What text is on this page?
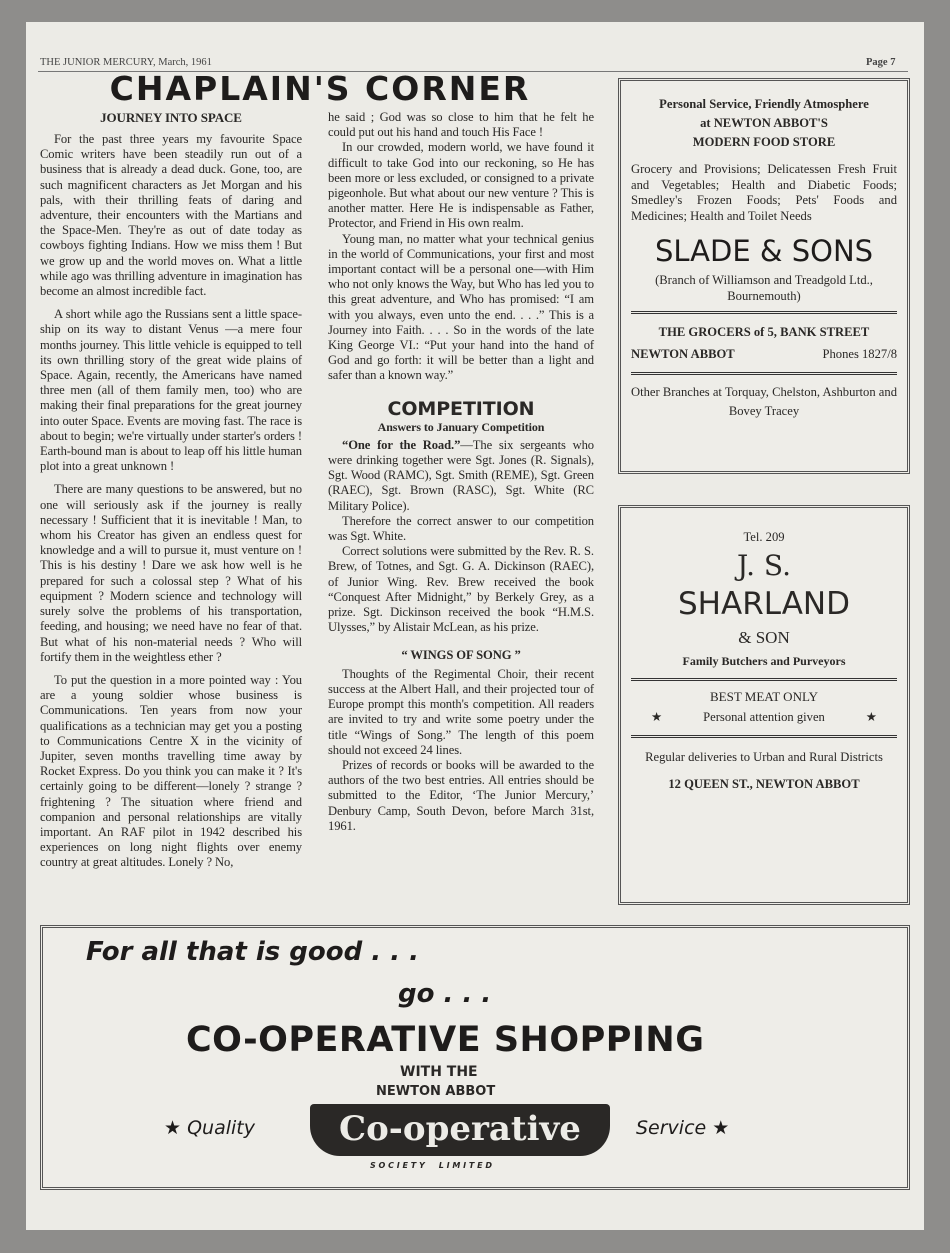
THE JUNIOR MERCURY, March, 1961	Page 7
CHAPLAIN'S CORNER
JOURNEY INTO SPACE

For the past three years my favourite Space Comic writers have been steadily run out of a business that is already a dead duck. Gone, too, are such magnificent characters as Jet Morgan and his pals, with their thrilling feats of daring and adventure, their encounters with the Martians and the Space-Men. They're as out of date today as cowboys fighting Indians. How we miss them ! But we grow up and the world moves on. What a little while ago was thrilling adventure in imagination has become an almost incredible fact.

A short while ago the Russians sent a little space-ship on its way to distant Venus —a mere four months journey. This little vehicle is equipped to tell its own thrilling story of the great wide plains of Space. Again, recently, the Americans have named three men (all of them family men, too) who are making their final preparations for the great journey into outer Space. Events are moving fast. The race is about to begin; we're virtually under starter's orders ! Earth-bound man is about to leap off his little human plot into a great unknown !

There are many questions to be answered, but no one will seriously ask if the journey is really necessary ! Sufficient that it is inevitable ! Man, to whom his Creator has given an endless quest for knowledge and a will to pursue it, must venture on ! This is his destiny ! Dare we ask how well is he prepared for such a colossal step ? What of his equipment ? Modern science and technology will surely solve the problems of his transportation, feeding, and housing; we need have no fear of that. But what of his non-material needs ? Who will fortify them in the weightless ether ?

To put the question in a more pointed way : You are a young soldier whose business is Communications. Ten years from now your qualifications as a technician may get you a posting to Communications Centre X in the vicinity of Jupiter, seven months travelling time away by Rocket Express. Do you think you can make it ? It's certainly going to be different—lonely ? strange ? frightening ? The situation where friend and companion and personal relationships are vitally important. An RAF pilot in 1942 described his experiences on long night flights over enemy country at great altitudes. Lonely ? No,

he said ; God was so close to him that he felt he could put out his hand and touch His Face !

In our crowded, modern world, we have found it difficult to take God into our reckoning, so He has been more or less excluded, or consigned to a private pigeonhole. But what about our new venture ? This is another matter. Here He is indispensable as Father, Protector, and Friend in His own realm.

Young man, no matter what your technical genius in the world of Communications, your first and most important contact will be a personal one—with Him who not only knows the Way, but Who has led you to this great adventure, and Who has promised: “I am with you always, even unto the end. . . .” This is a Journey into Faith. . . . So in the words of the late King George VI.: “Put your hand into the hand of God and go forth: it will be better than a light and safer than a known way.”

COMPETITION
Answers to January Competition

“One for the Road.”—The six sergeants who were drinking together were Sgt. Jones (R. Signals), Sgt. Wood (RAMC), Sgt. Smith (REME), Sgt. Green (RAEC), Sgt. Brown (RASC), Sgt. White (RC Military Police).

Therefore the correct answer to our competition was Sgt. White.

Correct solutions were submitted by the Rev. R. S. Brew, of Totnes, and Sgt. G. A. Dickinson (RAEC), of Junior Wing. Rev. Brew received the book “Conquest After Midnight,” by Berkely Grey, as a prize. Sgt. Dickinson received the book “H.M.S. Ulysses,” by Alistair McLean, as his prize.

“ WINGS OF SONG ”

Thoughts of the Regimental Choir, their recent success at the Albert Hall, and their projected tour of Europe prompt this month's competition. All readers are invited to try and write some poetry under the title “Wings of Song.” The length of this poem should not exceed 24 lines.

Prizes of records or books will be awarded to the authors of the two best entries. All entries should be submitted to the Editor, ‘The Junior Mercury,’ Denbury Camp, South Devon, before March 31st, 1961.

Personal Service, Friendly Atmosphere
at NEWTON ABBOT'S
MODERN FOOD STORE
Grocery and Provisions; Delicatessen Fresh Fruit and Vegetables; Health and Diabetic Foods; Smedley's Frozen Foods; Pets' Foods and Medicines; Health and Toilet Needs
SLADE & SONS
(Branch of Williamson and Treadgold Ltd., Bournemouth)
THE GROCERS of 5, BANK STREET
NEWTON ABBOT	Phones 1827/8
Other Branches at Torquay, Chelston, Ashburton and Bovey Tracey
Tel. 209
J. S.
SHARLAND
& SON
Family Butchers and Purveyors
BEST MEAT ONLY
★	Personal attention given	★
Regular deliveries to Urban and Rural Districts
12 QUEEN ST., NEWTON ABBOT
For all that is good . . .
go . . .
CO-OPERATIVE SHOPPING
WITH THE
NEWTON ABBOT
Co-operative
S O C I E T Y     L I M I T E D
★ Quality	Service ★
